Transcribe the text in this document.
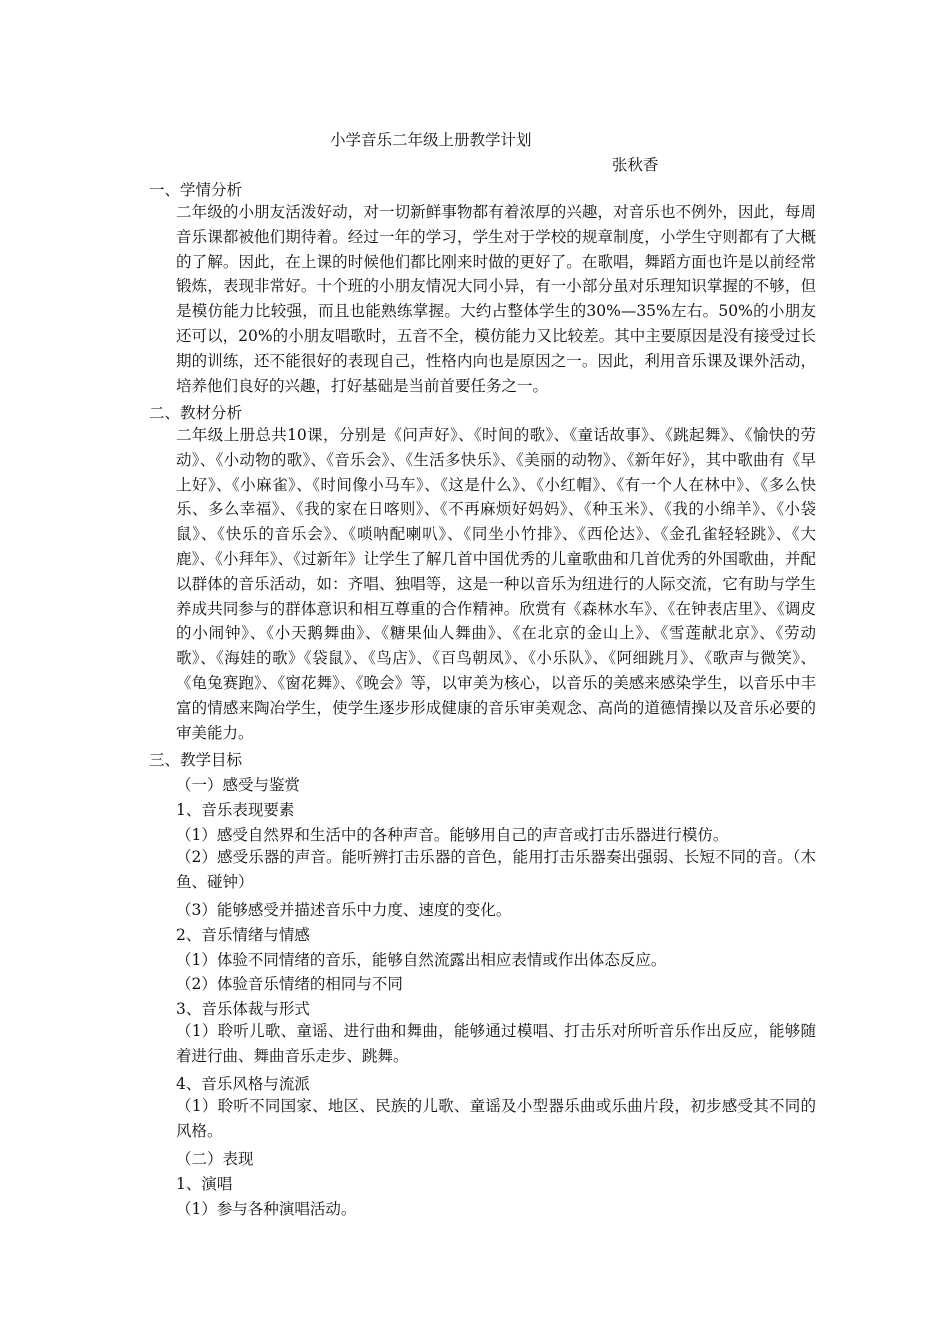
小学音乐二年级上册教学计划
张秋香
一、学情分析

二年级的小朋友活泼好动，对一切新鲜事物都有着浓厚的兴趣，对音乐也不例外，因此，每周音乐课都被他们期待着。经过一年的学习，学生对于学校的规章制度，小学生守则都有了大概的了解。因此，在上课的时候他们都比刚来时做的更好了。在歌唱，舞蹈方面也许是以前经常锻炼，表现非常好。十个班的小朋友情况大同小异，有一小部分虽对乐理知识掌握的不够，但是模仿能力比较强，而且也能熟练掌握。大约占整体学生的30%—35%左右。50%的小朋友还可以，20%的小朋友唱歌时，五音不全，模仿能力又比较差。其中主要原因是没有接受过长期的训练，还不能很好的表现自己，性格内向也是原因之一。因此，利用音乐课及课外活动，培养他们良好的兴趣，打好基础是当前首要任务之一。

二、教材分析

二年级上册总共10课，分别是《问声好》、《时间的歌》、《童话故事》、《跳起舞》、《愉快的劳动》、《小动物的歌》、《音乐会》、《生活多快乐》、《美丽的动物》、《新年好》，其中歌曲有《早上好》、《小麻雀》、《时间像小马车》、《这是什么》、《小红帽》、《有一个人在林中》、《多么快乐、多么幸福》、《我的家在日喀则》、《不再麻烦好妈妈》、《种玉米》、《我的小绵羊》、《小袋鼠》、《快乐的音乐会》、《唢呐配喇叭》、《同坐小竹排》、《西伦达》、《金孔雀轻轻跳》、《大鹿》、《小拜年》、《过新年》让学生了解几首中国优秀的儿童歌曲和几首优秀的外国歌曲，并配以群体的音乐活动，如：齐唱、独唱等，这是一种以音乐为纽进行的人际交流，它有助与学生养成共同参与的群体意识和相互尊重的合作精神。欣赏有《森林水车》、《在钟表店里》、《调皮的小闹钟》、《小天鹅舞曲》、《糖果仙人舞曲》、《在北京的金山上》、《雪莲献北京》、《劳动歌》、《海娃的歌》《袋鼠》、《鸟店》、《百鸟朝凤》、《小乐队》、《阿细跳月》、《歌声与微笑》、《龟兔赛跑》、《窗花舞》、《晚会》等，以审美为核心，以音乐的美感来感染学生，以音乐中丰富的情感来陶冶学生，使学生逐步形成健康的音乐审美观念、高尚的道德情操以及音乐必要的审美能力。

三、教学目标
（一）感受与鉴赏
1、音乐表现要素
（1）感受自然界和生活中的各种声音。能够用自己的声音或打击乐器进行模仿。

（2）感受乐器的声音。能听辨打击乐器的音色，能用打击乐器奏出强弱、长短不同的音。（木鱼、碰钟）

（3）能够感受并描述音乐中力度、速度的变化。
2、音乐情绪与情感
（1）体验不同情绪的音乐，能够自然流露出相应表情或作出体态反应。
（2）体验音乐情绪的相同与不同
3、音乐体裁与形式

（1）聆听儿歌、童谣、进行曲和舞曲，能够通过模唱、打击乐对所听音乐作出反应，能够随着进行曲、舞曲音乐走步、跳舞。

4、音乐风格与流派

（1）聆听不同国家、地区、民族的儿歌、童谣及小型器乐曲或乐曲片段，初步感受其不同的风格。

（二）表现
1、演唱
（1）参与各种演唱活动。
